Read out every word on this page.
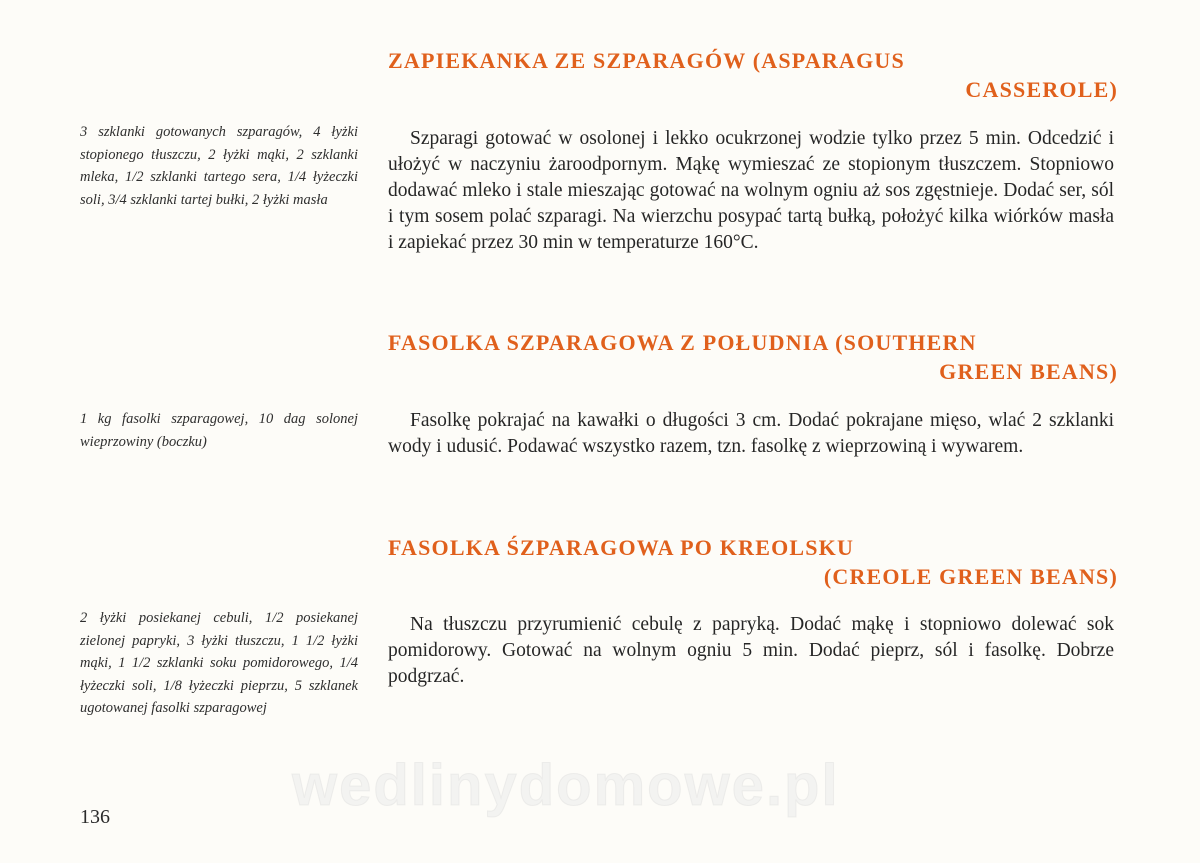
ZAPIEKANKA ZE SZPARAGÓW (ASPARAGUS
CASSEROLE)

3 szklanki gotowanych szparagów, 4 łyżki stopionego tłuszczu, 2 łyżki mąki, 2 szklanki mleka, 1/2 szklanki tartego sera, 1/4 łyżeczki soli, 3/4 szklanki tartej bułki, 2 łyżki masła

Szparagi gotować w osolonej i lekko ocukrzonej wodzie tylko przez 5 min. Odcedzić i ułożyć w naczyniu żaroodpornym. Mąkę wymieszać ze stopionym tłuszczem. Stopniowo dodawać mleko i stale mieszając gotować na wolnym ogniu aż sos zgęstnieje. Dodać ser, sól i tym sosem polać szparagi. Na wierzchu posypać tartą bułką, położyć kilka wiórków masła i zapiekać przez 30 min w temperaturze 160°C.

FASOLKA SZPARAGOWA Z POŁUDNIA (SOUTHERN
GREEN BEANS)

1 kg fasolki szparagowej, 10 dag solonej wieprzowiny (boczku)

Fasolkę pokrajać na kawałki o długości 3 cm. Dodać pokrajane mięso, wlać 2 szklanki wody i udusić. Podawać wszystko razem, tzn. fasolkę z wieprzowiną i wywarem.

FASOLKA ŚZPARAGOWA PO KREOLSKU
(CREOLE GREEN BEANS)

2 łyżki posiekanej cebuli, 1/2 posiekanej zielonej papryki, 3 łyżki tłuszczu, 1 1/2 łyżki mąki, 1 1/2 szklanki soku pomidorowego, 1/4 łyżeczki soli, 1/8 łyżeczki pieprzu, 5 szklanek ugotowanej fasolki szparagowej

Na tłuszczu przyrumienić cebulę z papryką. Dodać mąkę i stopniowo dolewać sok pomidorowy. Gotować na wolnym ogniu 5 min. Dodać pieprz, sól i fasolkę. Dobrze podgrzać.

wedlinydomowe.pl
136
